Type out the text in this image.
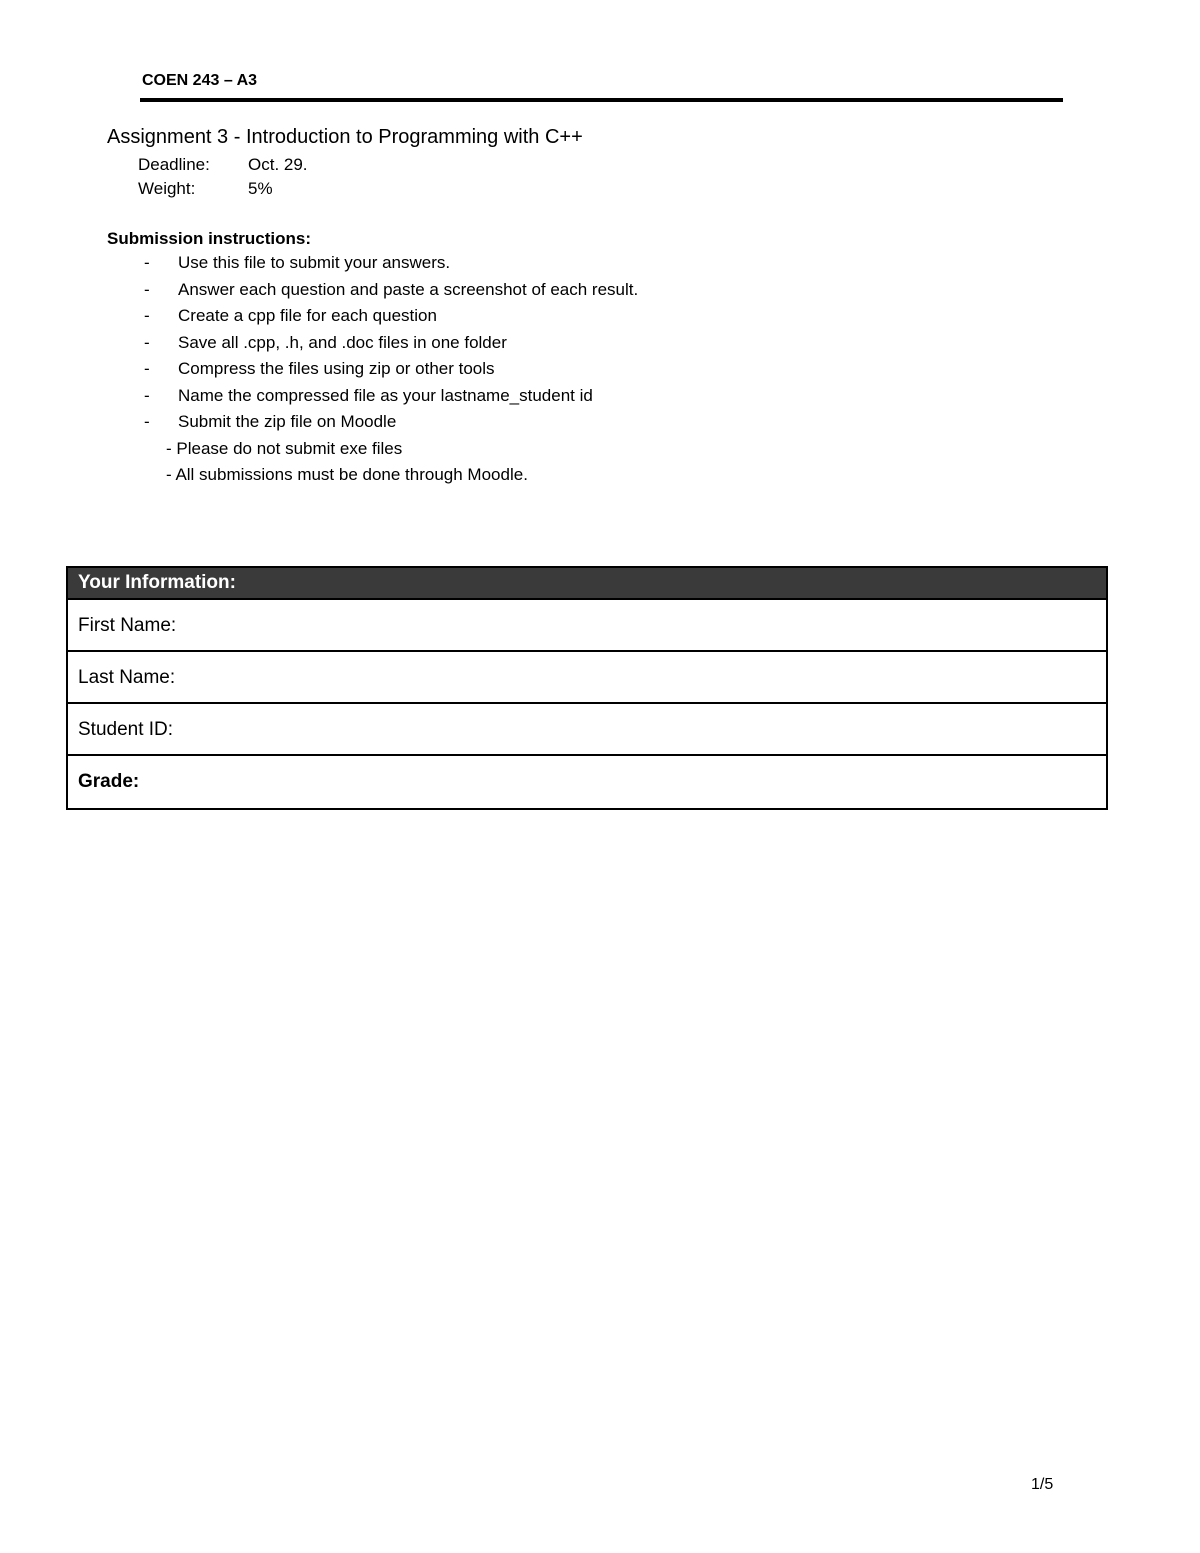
COEN 243 – A3
Assignment 3 - Introduction to Programming with C++
Deadline: Oct. 29.
Weight:	5%
Submission instructions:
- Use this file to submit your answers.
- Answer each question and paste a screenshot of each result.
- Create a cpp file for each question
- Save all .cpp, .h, and .doc files in one folder
- Compress the files using zip or other tools
- Name the compressed file as your lastname_student id
- Submit the zip file on Moodle
- Please do not submit exe files
- All submissions must be done through Moodle.
Your Information:
First Name:
Last Name:
Student ID:
Grade:
1/5
